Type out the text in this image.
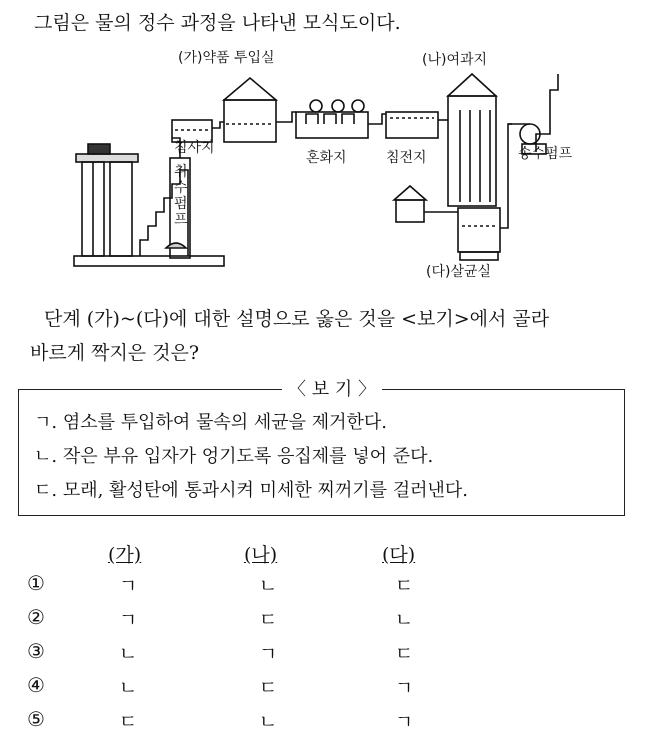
그림은 물의 정수 과정을 나타낸 모식도이다.
(가)약품 투입실	(나)여과지
(다)살균실
침사지
혼화지	침전지	송수펌프
취
수
펌
프
단계 (가)~(다)에 대한 설명으로 옳은 것을 <보기>에서 골라
바르게 짝지은 것은?
〈 보 기 〉
ㄱ. 염소를 투입하여 물속의 세균을 제거한다.
ㄴ. 작은 부유 입자가 엉기도록 응집제를 넣어 준다.
ㄷ. 모래, 활성탄에 통과시켜 미세한 찌꺼기를 걸러낸다.
(가)	(나)	(다)
①	ㄱ	ㄴ	ㄷ
②	ㄱ	ㄷ	ㄴ
③	ㄴ	ㄱ	ㄷ
④	ㄴ	ㄷ	ㄱ
⑤	ㄷ	ㄴ	ㄱ
